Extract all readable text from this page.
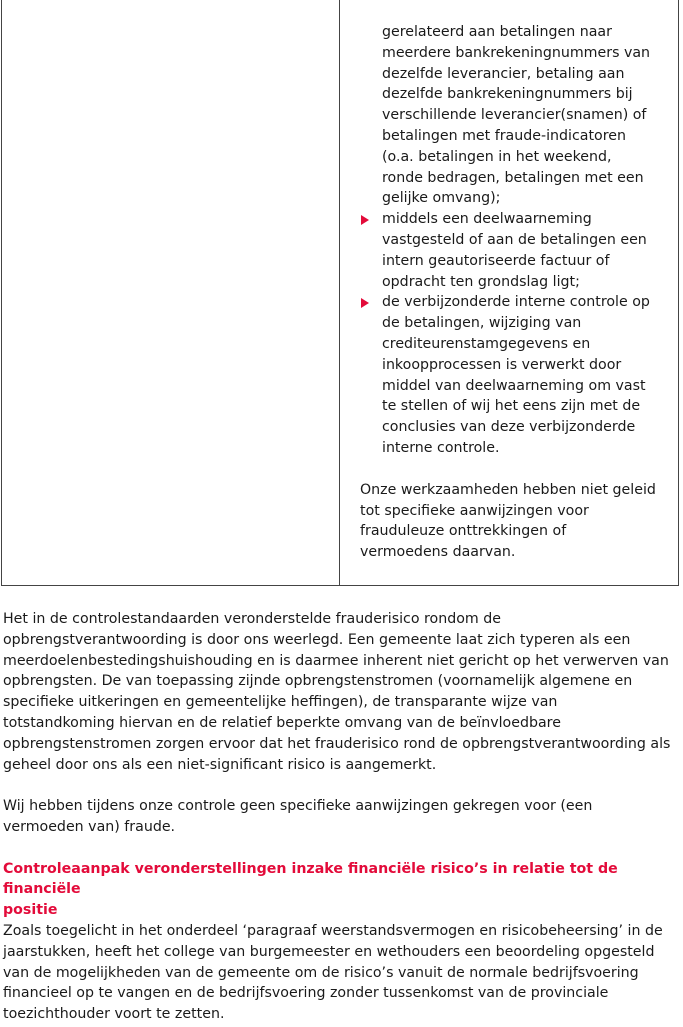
gerelateerd aan betalingen naar
meerdere bankrekeningnummers van
dezelfde leverancier, betaling aan
dezelfde bankrekeningnummers bij
verschillende leverancier(snamen) of
betalingen met fraude-indicatoren
(o.a. betalingen in het weekend,
ronde bedragen, betalingen met een
gelijke omvang);
middels een deelwaarneming
vastgesteld of aan de betalingen een
intern geautoriseerde factuur of
opdracht ten grondslag ligt;
de verbijzonderde interne controle op
de betalingen, wijziging van
crediteurenstamgegevens en
inkoopprocessen is verwerkt door
middel van deelwaarneming om vast
te stellen of wij het eens zijn met de
conclusies van deze verbijzonderde
interne controle.
Onze werkzaamheden hebben niet geleid
tot specifieke aanwijzingen voor
frauduleuze onttrekkingen of
vermoedens daarvan.
Het in de controlestandaarden veronderstelde frauderisico rondom de
opbrengstverantwoording is door ons weerlegd. Een gemeente laat zich typeren als een
meerdoelenbestedingshuishouding en is daarmee inherent niet gericht op het verwerven van
opbrengsten. De van toepassing zijnde opbrengstenstromen (voornamelijk algemene en
specifieke uitkeringen en gemeentelijke heffingen), de transparante wijze van
totstandkoming hiervan en de relatief beperkte omvang van de beïnvloedbare
opbrengstenstromen zorgen ervoor dat het frauderisico rond de opbrengstverantwoording als
geheel door ons als een niet-significant risico is aangemerkt.
Wij hebben tijdens onze controle geen specifieke aanwijzingen gekregen voor (een
vermoeden van) fraude.
Controleaanpak veronderstellingen inzake financiële risico’s in relatie tot de financiële
positie
Zoals toegelicht in het onderdeel ‘paragraaf weerstandsvermogen en risicobeheersing’ in de
jaarstukken, heeft het college van burgemeester en wethouders een beoordeling opgesteld
van de mogelijkheden van de gemeente om de risico’s vanuit de normale bedrijfsvoering
financieel op te vangen en de bedrijfsvoering zonder tussenkomst van de provinciale
toezichthouder voort te zetten.
